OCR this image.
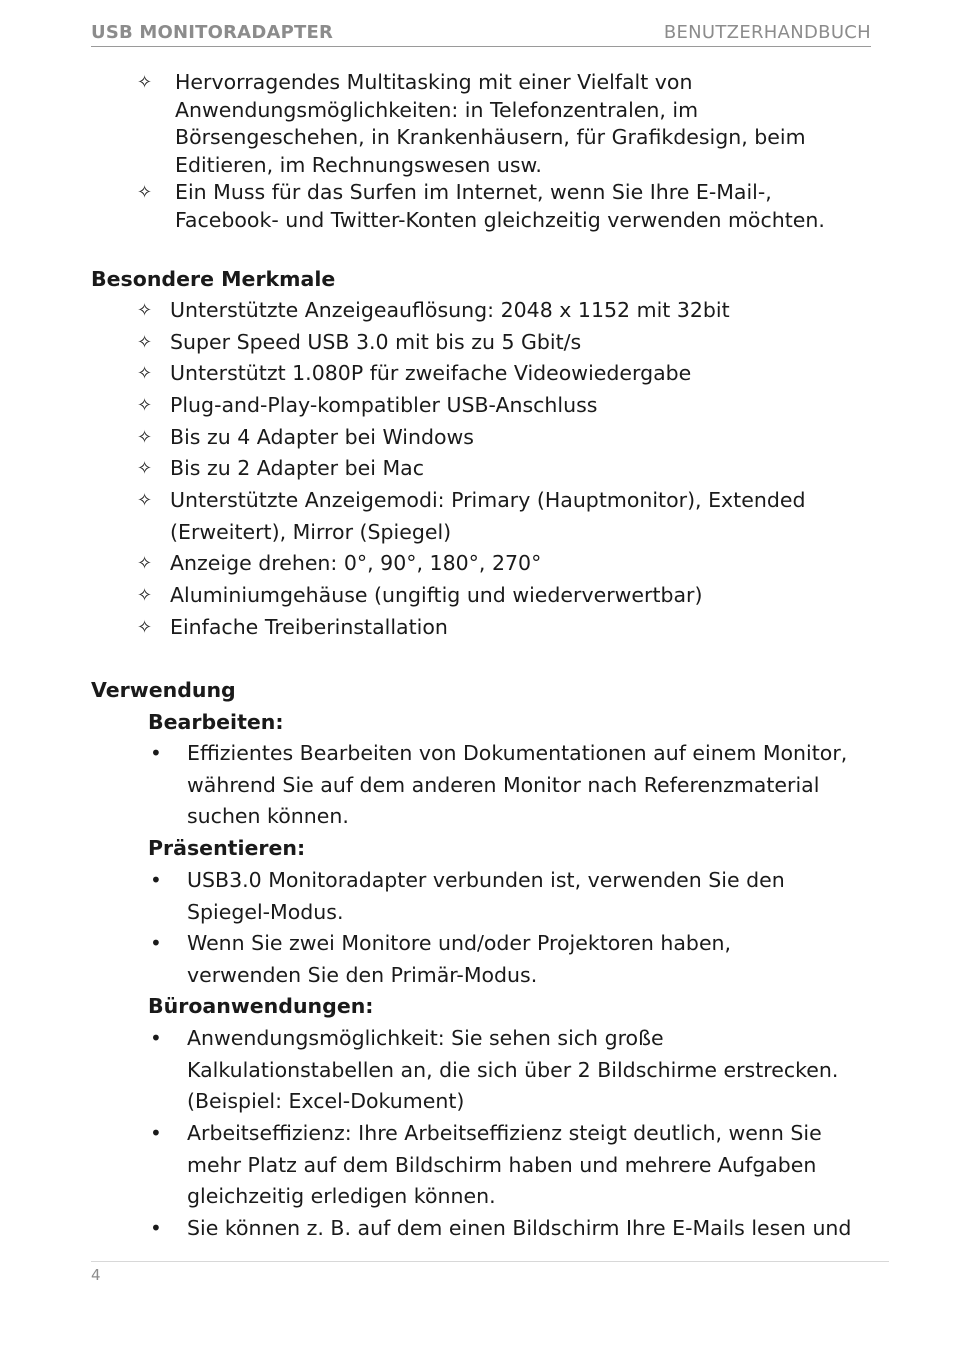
USB MONITORADAPTER	BENUTZERHANDBUCH
✧ Hervorragendes Multitasking mit einer Vielfalt von
Anwendungsmöglichkeiten: in Telefonzentralen, im
Börsengeschehen, in Krankenhäusern, für Grafikdesign, beim
Editieren, im Rechnungswesen usw.
✧ Ein Muss für das Surfen im Internet, wenn Sie Ihre E-Mail-,
Facebook- und Twitter-Konten gleichzeitig verwenden möchten.
Besondere Merkmale
✧ Unterstützte Anzeigeauflösung: 2048 x 1152 mit 32bit
✧ Super Speed USB 3.0 mit bis zu 5 Gbit/s
✧ Unterstützt 1.080P für zweifache Videowiedergabe
✧ Plug-and-Play-kompatibler USB-Anschluss
✧ Bis zu 4 Adapter bei Windows
✧ Bis zu 2 Adapter bei Mac
✧ Unterstützte Anzeigemodi: Primary (Hauptmonitor), Extended
(Erweitert), Mirror (Spiegel)
✧ Anzeige drehen: 0°, 90°, 180°, 270°
✧ Aluminiumgehäuse (ungiftig und wiederverwertbar)
✧ Einfache Treiberinstallation
Verwendung
Bearbeiten:
• Effizientes Bearbeiten von Dokumentationen auf einem Monitor,
während Sie auf dem anderen Monitor nach Referenzmaterial
suchen können.
Präsentieren:
• USB3.0 Monitoradapter verbunden ist, verwenden Sie den
Spiegel-Modus.
• Wenn Sie zwei Monitore und/oder Projektoren haben,
verwenden Sie den Primär-Modus.
Büroanwendungen:
• Anwendungsmöglichkeit: Sie sehen sich große
Kalkulationstabellen an, die sich über 2 Bildschirme erstrecken.
(Beispiel: Excel-Dokument)
• Arbeitseffizienz: Ihre Arbeitseffizienz steigt deutlich, wenn Sie
mehr Platz auf dem Bildschirm haben und mehrere Aufgaben
gleichzeitig erledigen können.
• Sie können z. B. auf dem einen Bildschirm Ihre E-Mails lesen und
4
